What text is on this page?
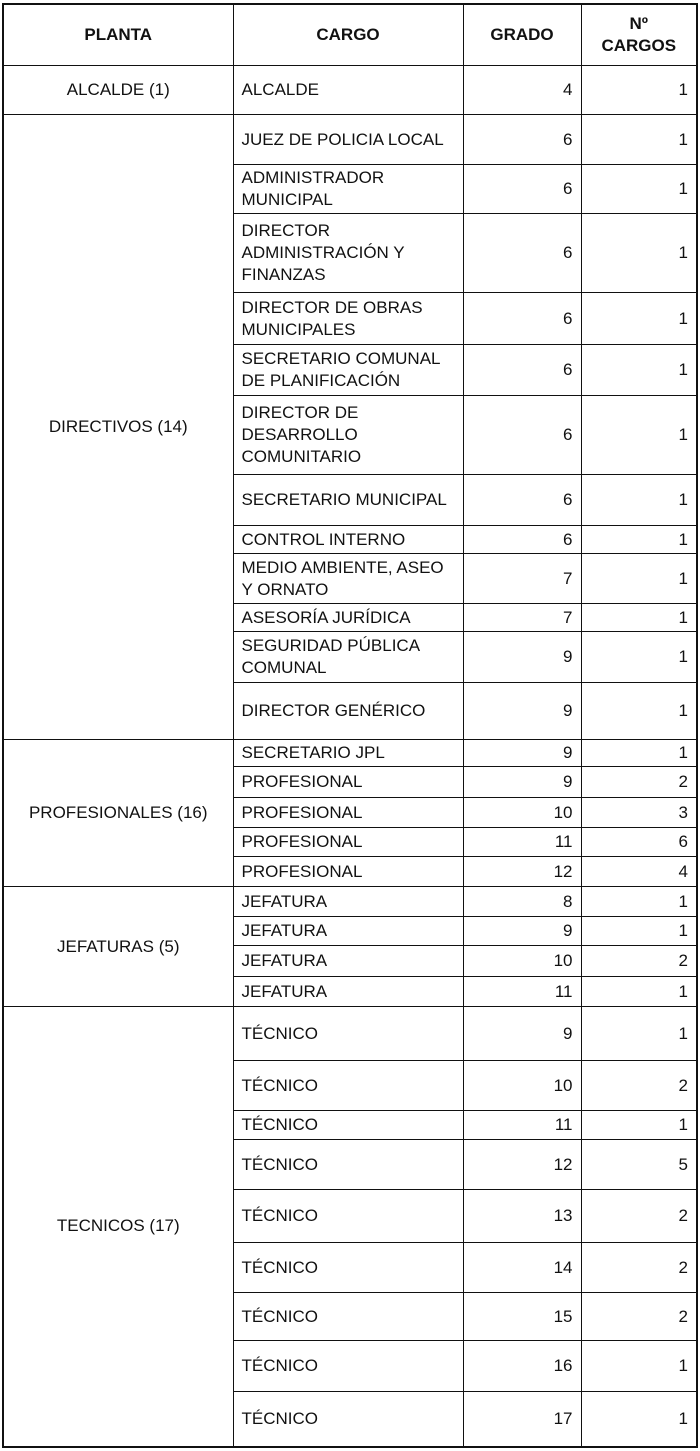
PLANTA	CARGO	GRADO	Nº
CARGOS
ALCALDE (1)	ALCALDE	4	1
DIRECTIVOS (14)	JUEZ DE POLICIA LOCAL	6	1
	ADMINISTRADOR MUNICIPAL	6	1
	DIRECTOR ADMINISTRACIÓN Y FINANZAS	6	1
	DIRECTOR DE OBRAS MUNICIPALES	6	1
	SECRETARIO COMUNAL DE PLANIFICACIÓN	6	1
	DIRECTOR DE DESARROLLO COMUNITARIO	6	1
	SECRETARIO MUNICIPAL	6	1
	CONTROL INTERNO	6	1
	MEDIO AMBIENTE, ASEO Y ORNATO	7	1
	ASESORÍA JURÍDICA	7	1
	SEGURIDAD PÚBLICA COMUNAL	9	1
	DIRECTOR GENÉRICO	9	1
PROFESIONALES (16)	SECRETARIO JPL	9	1
	PROFESIONAL	9	2
	PROFESIONAL	10	3
	PROFESIONAL	11	6
	PROFESIONAL	12	4
JEFATURAS (5)	JEFATURA	8	1
	JEFATURA	9	1
	JEFATURA	10	2
	JEFATURA	11	1
TECNICOS (17)	TÉCNICO	9	1
	TÉCNICO	10	2
	TÉCNICO	11	1
	TÉCNICO	12	5
	TÉCNICO	13	2
	TÉCNICO	14	2
	TÉCNICO	15	2
	TÉCNICO	16	1
	TÉCNICO	17	1
